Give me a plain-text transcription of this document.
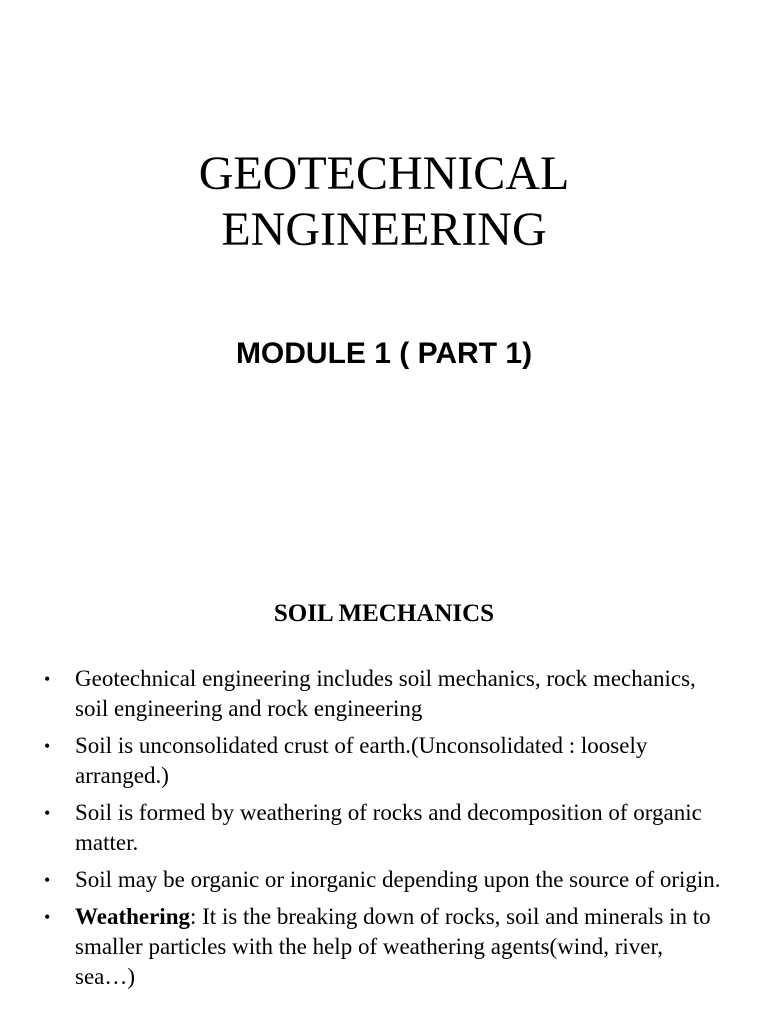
GEOTECHNICAL
ENGINEERING
MODULE 1 ( PART 1)
SOIL MECHANICS
• Geotechnical engineering includes soil mechanics, rock mechanics, soil engineering and rock engineering
• Soil is unconsolidated crust of earth.(Unconsolidated : loosely arranged.)
• Soil is formed by weathering of rocks and decomposition of organic matter.
• Soil may be organic or inorganic depending upon the source of origin.
• Weathering: It is the breaking down of rocks, soil and minerals in to smaller particles with the help of weathering agents(wind, river, sea…)
